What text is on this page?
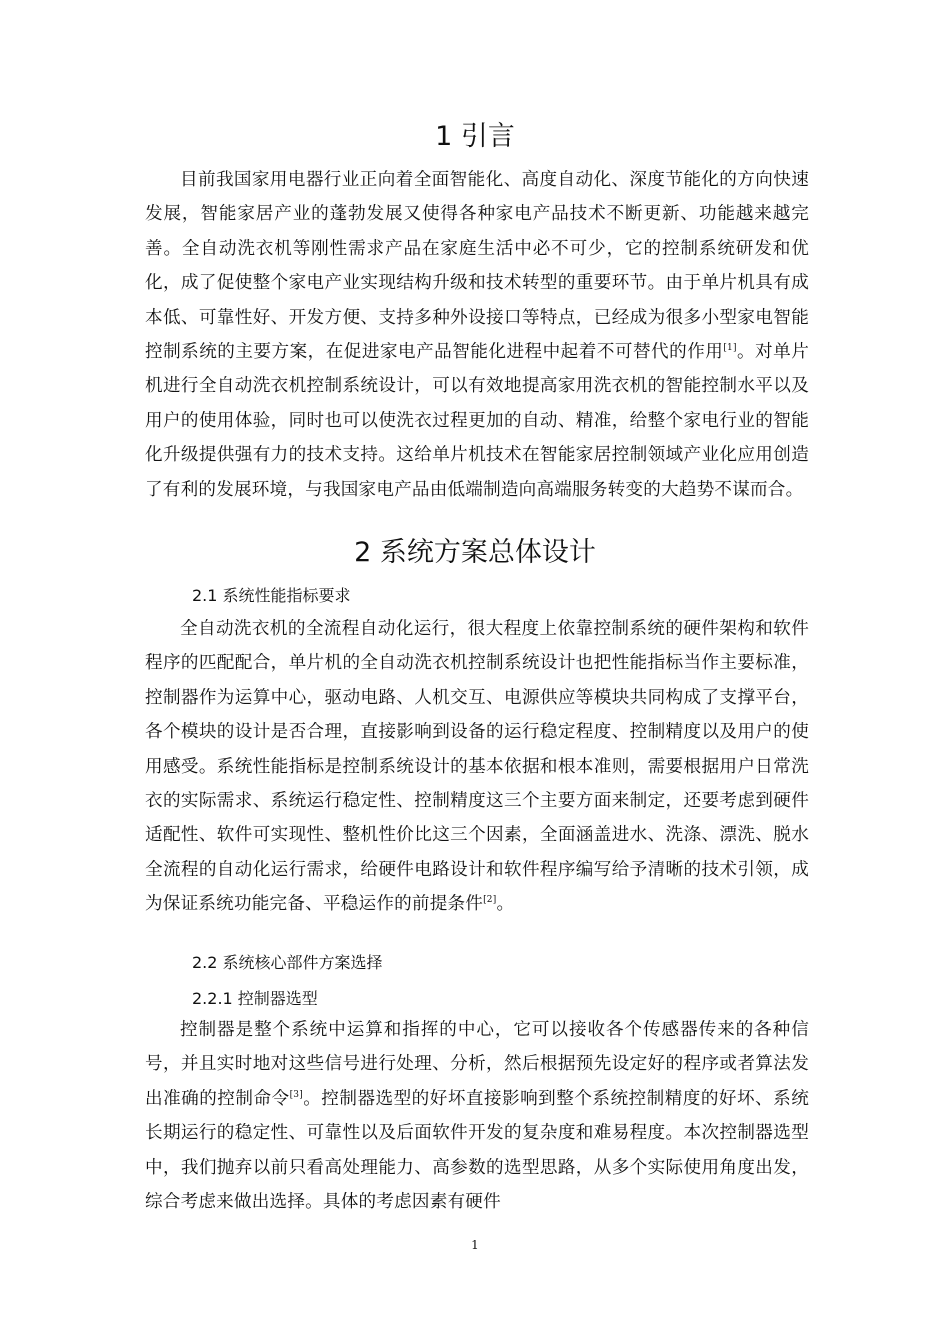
1 引言

目前我国家用电器行业正向着全面智能化、高度自动化、深度节能化的方向快速发展，智能家居产业的蓬勃发展又使得各种家电产品技术不断更新、功能越来越完善。全自动洗衣机等刚性需求产品在家庭生活中必不可少，它的控制系统研发和优化，成了促使整个家电产业实现结构升级和技术转型的重要环节。由于单片机具有成本低、可靠性好、开发方便、支持多种外设接口等特点，已经成为很多小型家电智能控制系统的主要方案，在促进家电产品智能化进程中起着不可替代的作用[1]。对单片机进行全自动洗衣机控制系统设计，可以有效地提高家用洗衣机的智能控制水平以及用户的使用体验，同时也可以使洗衣过程更加的自动、精准，给整个家电行业的智能化升级提供强有力的技术支持。这给单片机技术在智能家居控制领域产业化应用创造了有利的发展环境，与我国家电产品由低端制造向高端服务转变的大趋势不谋而合。

2 系统方案总体设计
2.1 系统性能指标要求

全自动洗衣机的全流程自动化运行，很大程度上依靠控制系统的硬件架构和软件程序的匹配配合，单片机的全自动洗衣机控制系统设计也把性能指标当作主要标准，控制器作为运算中心，驱动电路、人机交互、电源供应等模块共同构成了支撑平台，各个模块的设计是否合理，直接影响到设备的运行稳定程度、控制精度以及用户的使用感受。系统性能指标是控制系统设计的基本依据和根本准则，需要根据用户日常洗衣的实际需求、系统运行稳定性、控制精度这三个主要方面来制定，还要考虑到硬件适配性、软件可实现性、整机性价比这三个因素，全面涵盖进水、洗涤、漂洗、脱水全流程的自动化运行需求，给硬件电路设计和软件程序编写给予清晰的技术引领，成为保证系统功能完备、平稳运作的前提条件[2]。

2.2 系统核心部件方案选择
2.2.1 控制器选型

控制器是整个系统中运算和指挥的中心，它可以接收各个传感器传来的各种信号，并且实时地对这些信号进行处理、分析，然后根据预先设定好的程序或者算法发出准确的控制命令[3]。控制器选型的好坏直接影响到整个系统控制精度的好坏、系统长期运行的稳定性、可靠性以及后面软件开发的复杂度和难易程度。本次控制器选型中，我们抛弃以前只看高处理能力、高参数的选型思路，从多个实际使用角度出发，综合考虑来做出选择。具体的考虑因素有硬件

1
